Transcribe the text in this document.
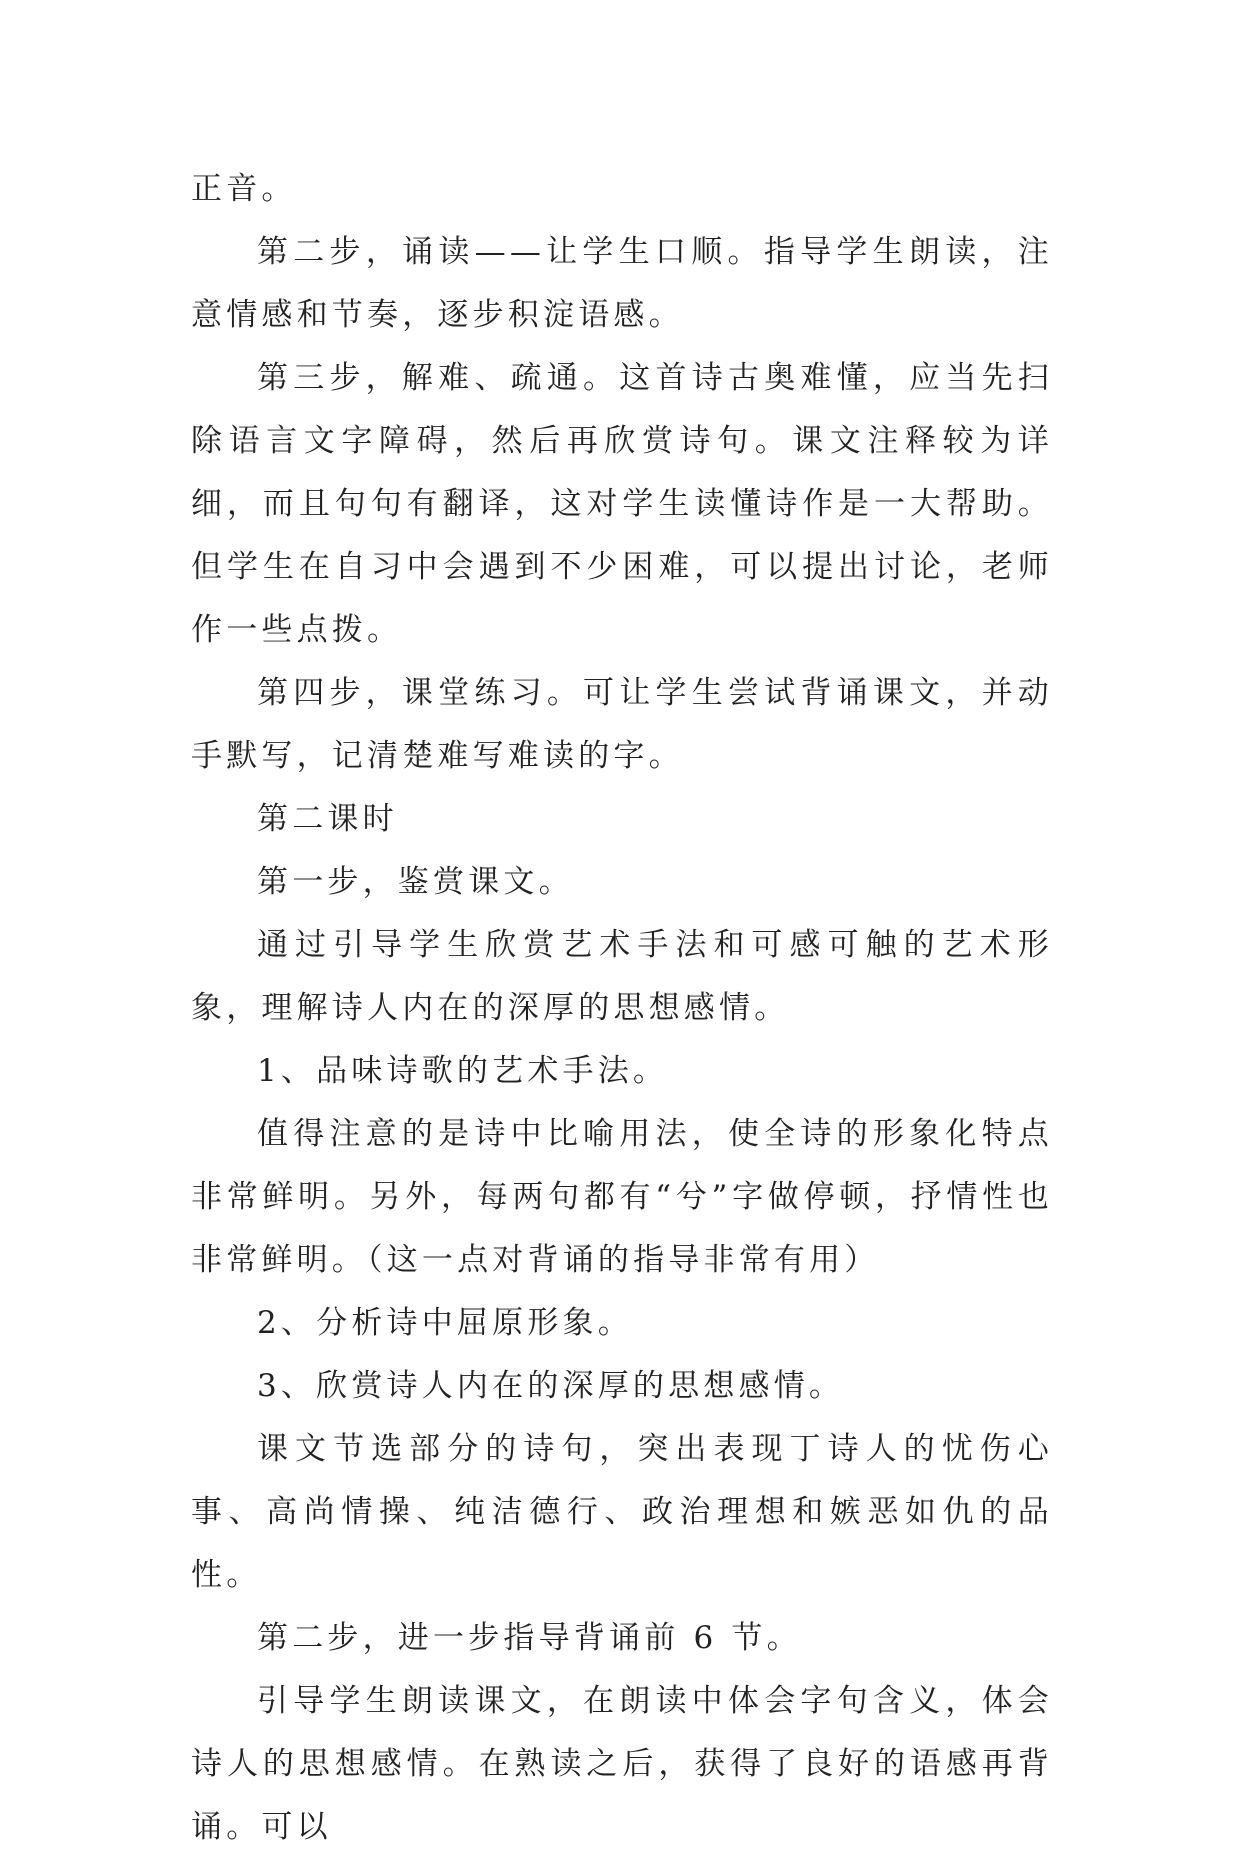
正音。

第二步，诵读——让学生口顺。指导学生朗读，注意情感和节奏，逐步积淀语感。

第三步，解难、疏通。这首诗古奥难懂，应当先扫除语言文字障碍，然后再欣赏诗句。课文注释较为详细，而且句句有翻译，这对学生读懂诗作是一大帮助。但学生在自习中会遇到不少困难，可以提出讨论，老师作一些点拨。

第四步，课堂练习。可让学生尝试背诵课文，并动手默写，记清楚难写难读的字。

第二课时

第一步，鉴赏课文。

通过引导学生欣赏艺术手法和可感可触的艺术形象，理解诗人内在的深厚的思想感情。

1、品味诗歌的艺术手法。

值得注意的是诗中比喻用法，使全诗的形象化特点非常鲜明。另外，每两句都有“兮”字做停顿，抒情性也非常鲜明。（这一点对背诵的指导非常有用）

2、分析诗中屈原形象。

3、欣赏诗人内在的深厚的思想感情。

课文节选部分的诗句，突出表现丁诗人的忧伤心事、高尚情操、纯洁德行、政治理想和嫉恶如仇的品性。

第二步，进一步指导背诵前 6 节。

引导学生朗读课文，在朗读中体会字句含义，体会诗人的思想感情。在熟读之后，获得了良好的语感再背诵。可以
